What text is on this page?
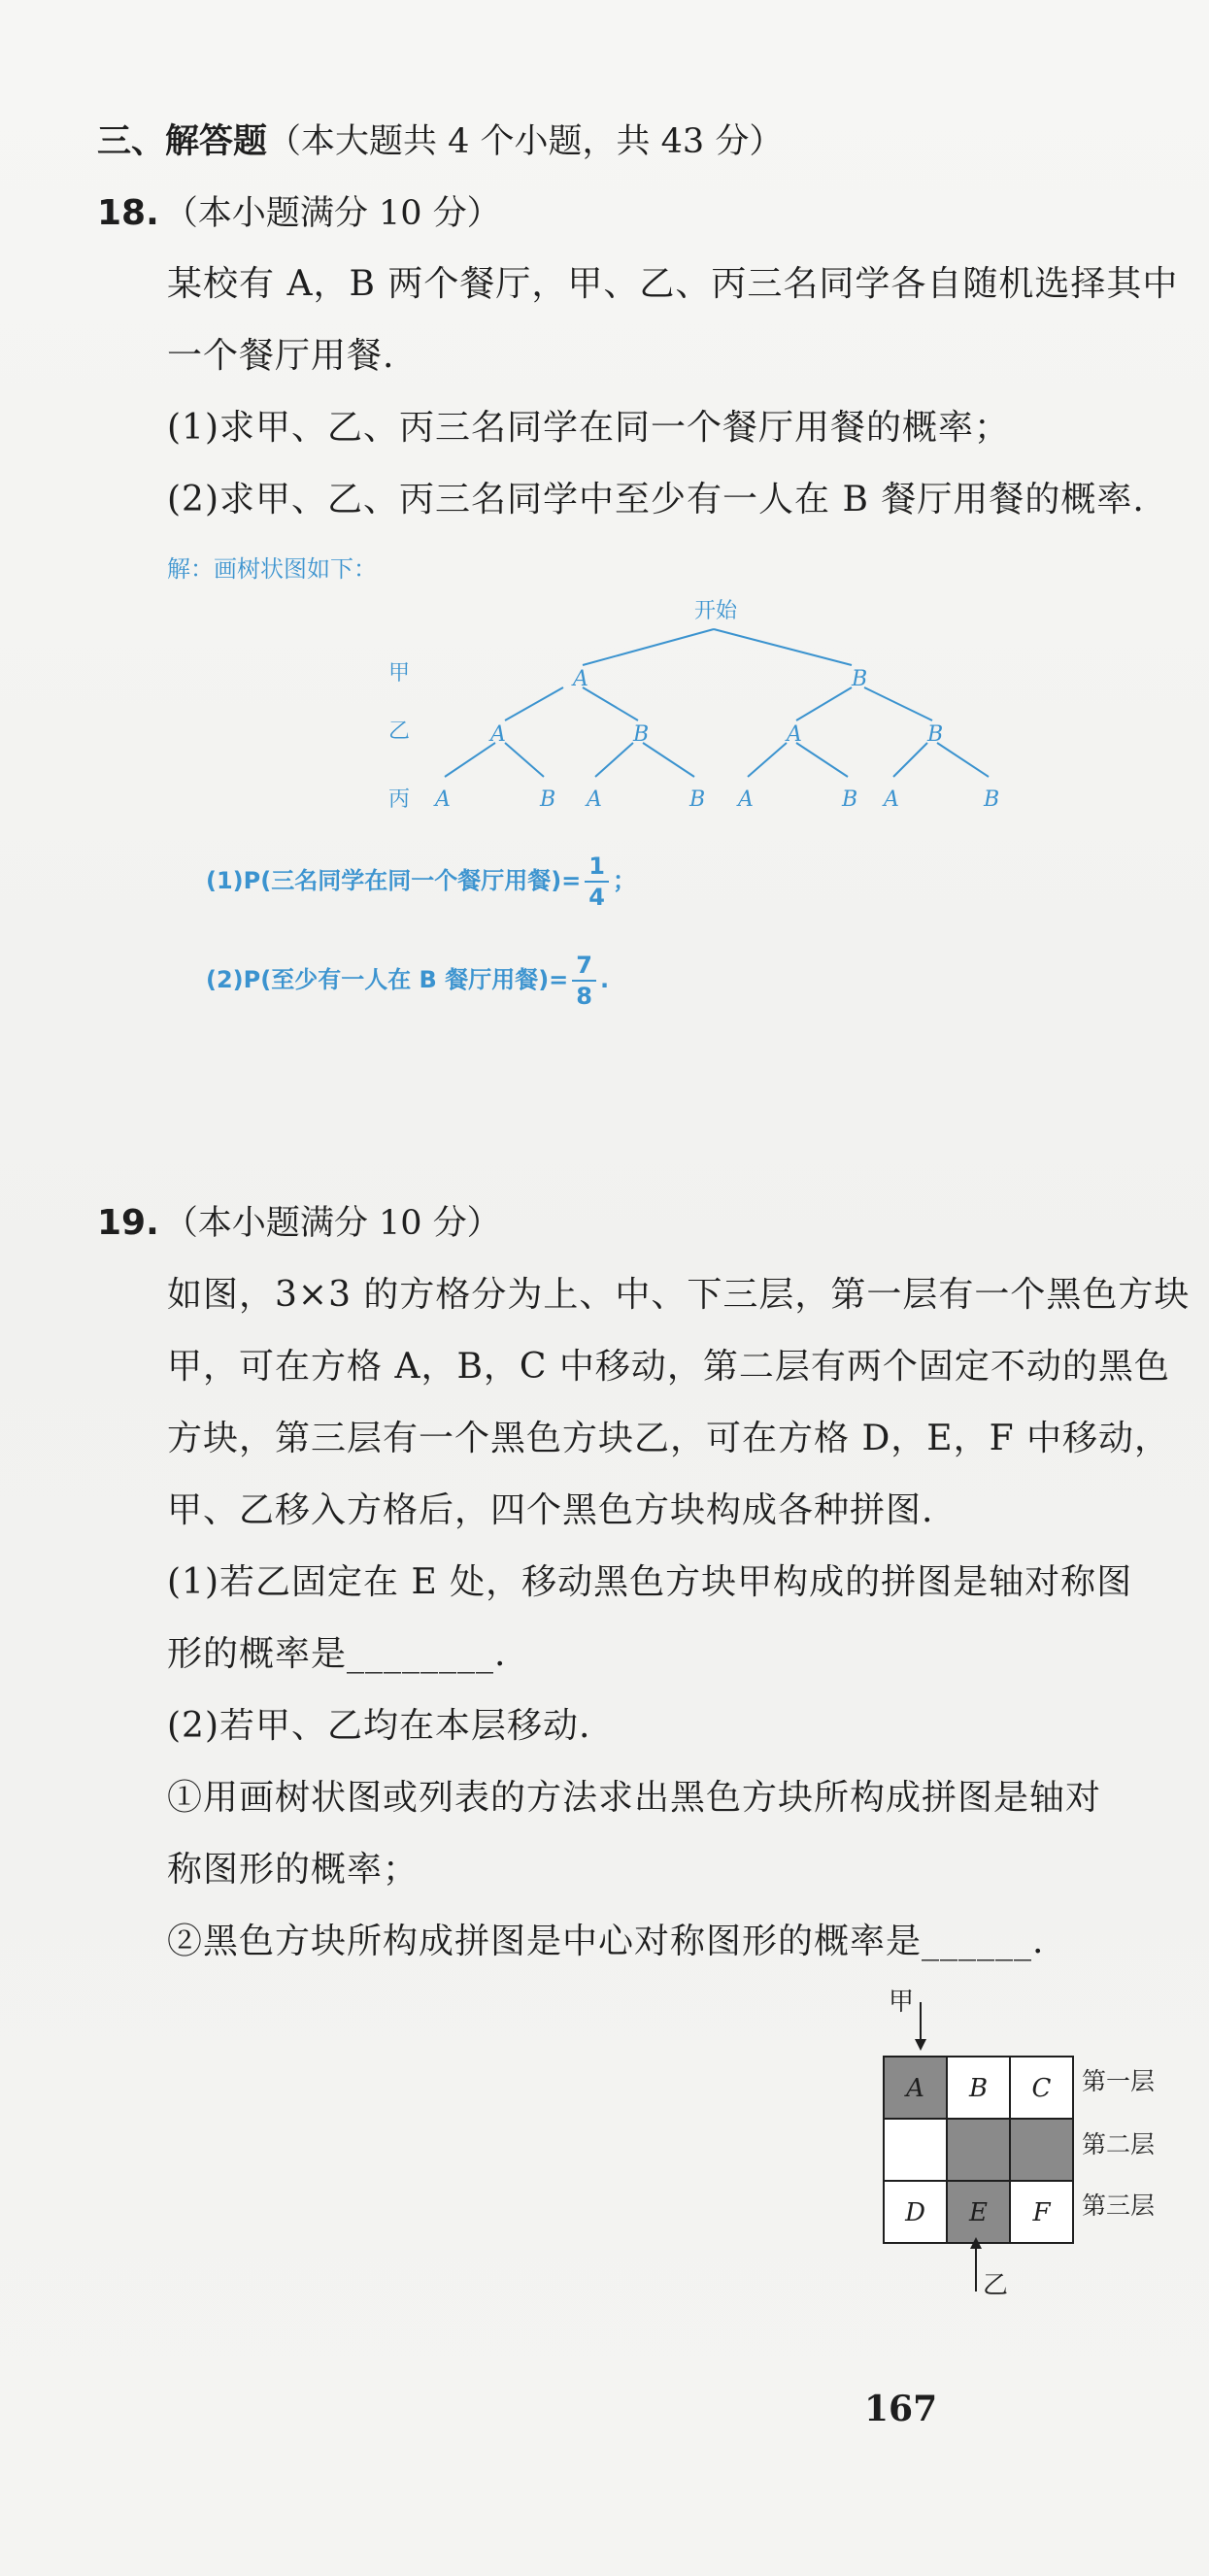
三、解答题（本大题共 4 个小题，共 43 分）
18. （本小题满分 10 分）
某校有 A，B 两个餐厅，甲、乙、丙三名同学各自随机选择其中
一个餐厅用餐.
(1)求甲、乙、丙三名同学在同一个餐厅用餐的概率；
(2)求甲、乙、丙三名同学中至少有一人在 B 餐厅用餐的概率.
解：画树状图如下：
开始
甲
乙
丙
A	B
A	B	A	B
A	B A	B A	B A	B
(1)P(三名同学在同一个餐厅用餐)= $\frac{1}{4}$ ；
(2)P(至少有一人在 B 餐厅用餐)= $\frac{7}{8}$ .
19. （本小题满分 10 分）
如图，3×3 的方格分为上、中、下三层，第一层有一个黑色方块
甲，可在方格 A，B，C 中移动，第二层有两个固定不动的黑色
方块，第三层有一个黑色方块乙，可在方格 D，E，F 中移动，
甲、乙移入方格后，四个黑色方块构成各种拼图.
(1)若乙固定在 E 处，移动黑色方块甲构成的拼图是轴对称图
形的概率是________.
(2)若甲、乙均在本层移动.
①用画树状图或列表的方法求出黑色方块所构成拼图是轴对
称图形的概率；
②黑色方块所构成拼图是中心对称图形的概率是______.
甲
A B C
D E F
乙
第一层
第二层
第三层
167
